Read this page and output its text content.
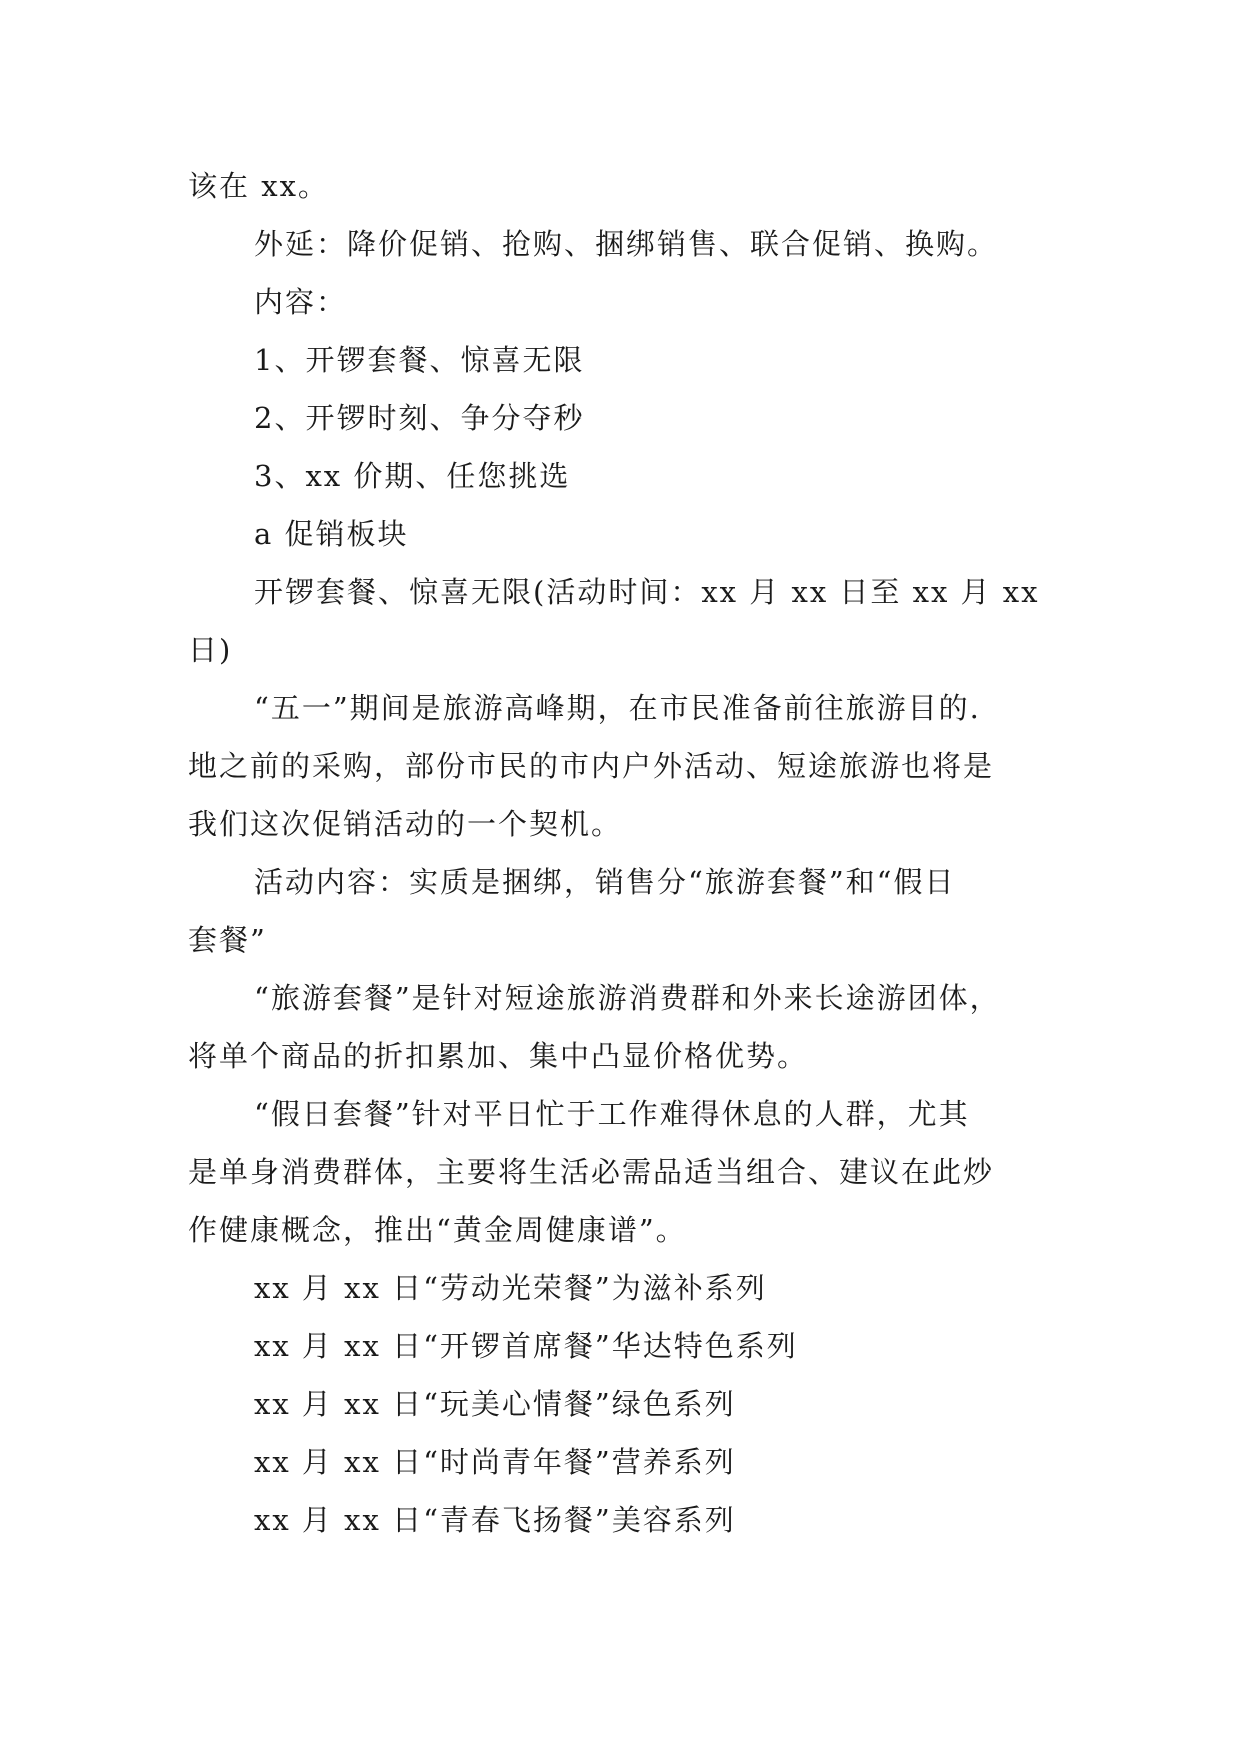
该在 xx。
外延：降价促销、抢购、捆绑销售、联合促销、换购。
内容：
1、开锣套餐、惊喜无限
2、开锣时刻、争分夺秒
3、xx 价期、任您挑选
a 促销板块
开锣套餐、惊喜无限(活动时间：xx 月 xx 日至 xx 月 xx
日)
“五一”期间是旅游高峰期，在市民准备前往旅游目的.
地之前的采购，部份市民的市内户外活动、短途旅游也将是
我们这次促销活动的一个契机。
活动内容：实质是捆绑，销售分“旅游套餐”和“假日
套餐”
“旅游套餐”是针对短途旅游消费群和外来长途游团体，
将单个商品的折扣累加、集中凸显价格优势。
“假日套餐”针对平日忙于工作难得休息的人群，尤其
是单身消费群体，主要将生活必需品适当组合、建议在此炒
作健康概念，推出“黄金周健康谱”。
xx 月 xx 日“劳动光荣餐”为滋补系列
xx 月 xx 日“开锣首席餐”华达特色系列
xx 月 xx 日“玩美心情餐”绿色系列
xx 月 xx 日“时尚青年餐”营养系列
xx 月 xx 日“青春飞扬餐”美容系列
